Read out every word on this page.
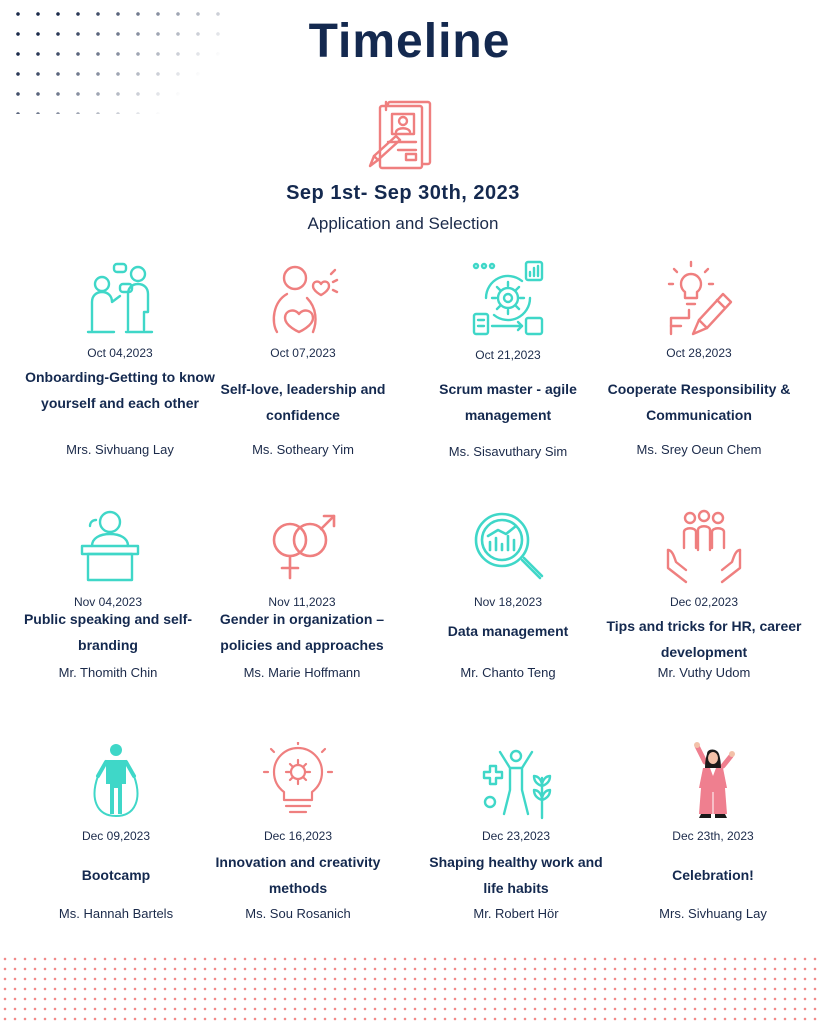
Timeline
Sep 1st- Sep 30th, 2023
Application and Selection
Oct 04,2023
Onboarding-Getting to know yourself and each other
Mrs. Sivhuang Lay
Oct 07,2023
Self-love, leadership and confidence
Ms. Sotheary Yim
Oct 21,2023
Scrum master - agile management
Ms. Sisavuthary Sim
Oct 28,2023
Cooperate Responsibility & Communication
Ms. Srey Oeun Chem
Nov 04,2023
Public speaking and self-branding
Mr. Thomith Chin
Nov 11,2023
Gender in organization – policies and approaches
Ms. Marie Hoffmann
Nov 18,2023
Data management
Mr. Chanto Teng
Dec 02,2023
Tips and tricks for HR, career development
Mr. Vuthy Udom
Dec 09,2023
Bootcamp
Ms. Hannah Bartels
Dec 16,2023
Innovation and creativity methods
Ms. Sou Rosanich
Dec 23,2023
Shaping healthy work and life habits
Mr. Robert Hör
Dec 23th, 2023
Celebration!
Mrs. Sivhuang Lay
